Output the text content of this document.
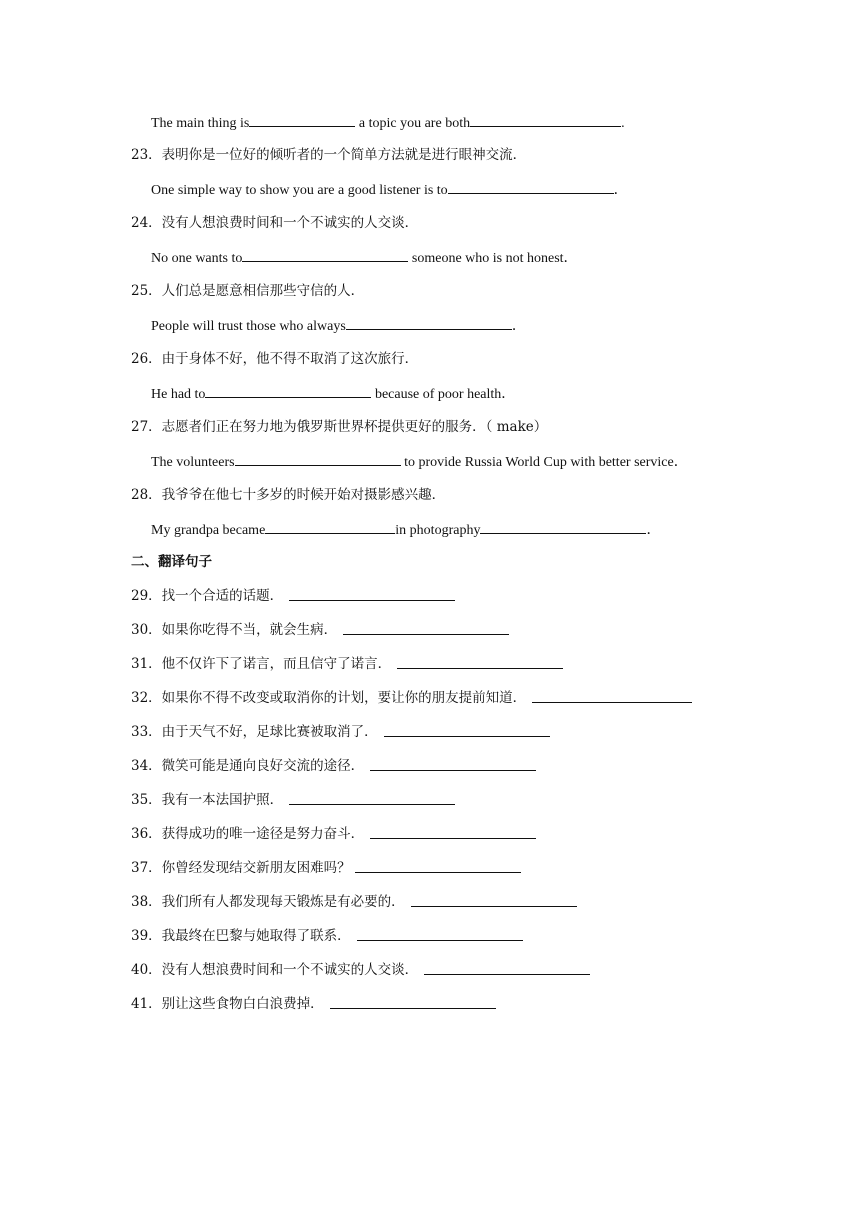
The main thing is	a topic you are both	.
23．表明你是一位好的倾听者的一个简单方法就是进行眼神交流．
One simple way to show you are a good listener is to	．
24．没有人想浪费时间和一个不诚实的人交谈．
No one wants to	someone who is not honest．
25．人们总是愿意相信那些守信的人．
People will trust those who always	．
26．由于身体不好，他不得不取消了这次旅行．
He had to	because of poor health．
27．志愿者们正在努力地为俄罗斯世界杯提供更好的服务．（ make）
The volunteers	to provide Russia World Cup with better service．
28．我爷爷在他七十多岁的时候开始对摄影感兴趣．
My grandpa became	in photography	．
二、翻译句子
29．找一个合适的话题．
30．如果你吃得不当，就会生病．
31．他不仅许下了诺言，而且信守了诺言．
32．如果你不得不改变或取消你的计划，要让你的朋友提前知道．
33．由于天气不好，足球比赛被取消了．
34．微笑可能是通向良好交流的途径．
35．我有一本法国护照．
36．获得成功的唯一途径是努力奋斗．
37．你曾经发现结交新朋友困难吗？
38．我们所有人都发现每天锻炼是有必要的．
39．我最终在巴黎与她取得了联系．
40．没有人想浪费时间和一个不诚实的人交谈．
41．别让这些食物白白浪费掉．
